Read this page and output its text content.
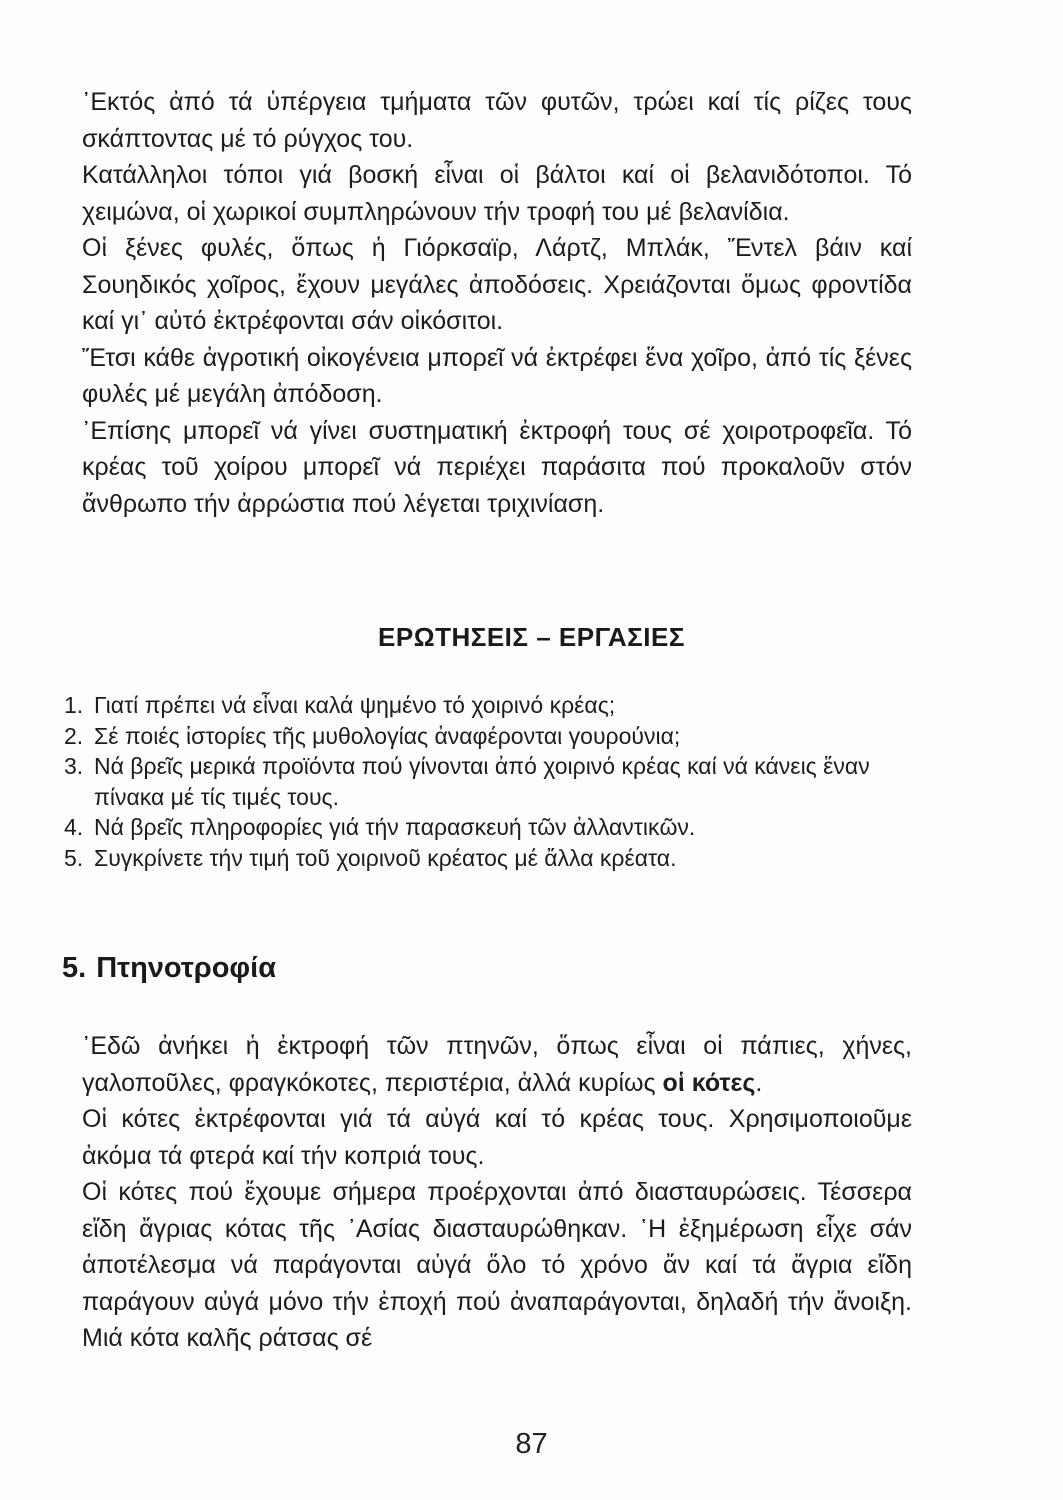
᾿Εκτός ἀπό τά ὑπέργεια τμήματα τῶν φυτῶν, τρώει καί τίς ρίζες τους σκάπτοντας μέ τό ρύγχος του.

Κατάλληλοι τόποι γιά βοσκή εἶναι οἱ βάλτοι καί οἱ βελανιδότοποι. Τό χειμώνα, οἱ χωρικοί συμπληρώνουν τήν τροφή του μέ βελανίδια.

Οἱ ξένες φυλές, ὅπως ἡ Γιόρκσαϊρ, Λάρτζ, Μπλάκ, Ἔντελ βάιν καί Σουηδικός χοῖρος, ἔχουν μεγάλες ἀποδόσεις. Χρειάζονται ὅμως φροντίδα καί γι᾿ αὐτό ἐκτρέφονται σάν οἰκόσιτοι.

Ἔτσι κάθε ἀγροτική οἰκογένεια μπορεῖ νά ἐκτρέφει ἕνα χοῖρο, ἀπό τίς ξένες φυλές μέ μεγάλη ἀπόδοση.

᾿Επίσης μπορεῖ νά γίνει συστηματική ἐκτροφή τους σέ χοιροτροφεῖα. Τό κρέας τοῦ χοίρου μπορεῖ νά περιέχει παράσιτα πού προκαλοῦν στόν ἄνθρωπο τήν ἀρρώστια πού λέγεται τριχινίαση.

ΕΡΩΤΗΣΕΙΣ – ΕΡΓΑΣΙΕΣ
1. Γιατί πρέπει νά εἶναι καλά ψημένο τό χοιρινό κρέας;
2. Σέ ποιές ἱστορίες τῆς μυθολογίας ἀναφέρονται γουρούνια;
3. Νά βρεῖς μερικά προϊόντα πού γίνονται ἀπό χοιρινό κρέας καί νά κάνεις ἕναν πίνακα μέ τίς τιμές τους.
4. Νά βρεῖς πληροφορίες γιά τήν παρασκευή τῶν ἀλλαντικῶν.
5. Συγκρίνετε τήν τιμή τοῦ χοιρινοῦ κρέατος μέ ἄλλα κρέατα.
5. Πτηνοτροφία

᾿Εδῶ ἀνήκει ἡ ἐκτροφή τῶν πτηνῶν, ὅπως εἶναι οἱ πάπιες, χήνες, γαλοποῦλες, φραγκόκοτες, περιστέρια, ἀλλά κυρίως οἱ κότες.

Οἱ κότες ἐκτρέφονται γιά τά αὐγά καί τό κρέας τους. Χρησιμοποιοῦμε ἀκόμα τά φτερά καί τήν κοπριά τους.

Οἱ κότες πού ἔχουμε σήμερα προέρχονται ἀπό διασταυρώσεις. Τέσσερα εἴδη ἄγριας κότας τῆς ᾿Ασίας διασταυρώθηκαν. ῾Η ἐξημέρωση εἶχε σάν ἀποτέλεσμα νά παράγονται αὐγά ὅλο τό χρόνο ἄν καί τά ἄγρια εἴδη παράγουν αὐγά μόνο τήν ἐποχή πού ἀναπαράγονται, δηλαδή τήν ἄνοιξη. Μιά κότα καλῆς ράτσας σέ

87
